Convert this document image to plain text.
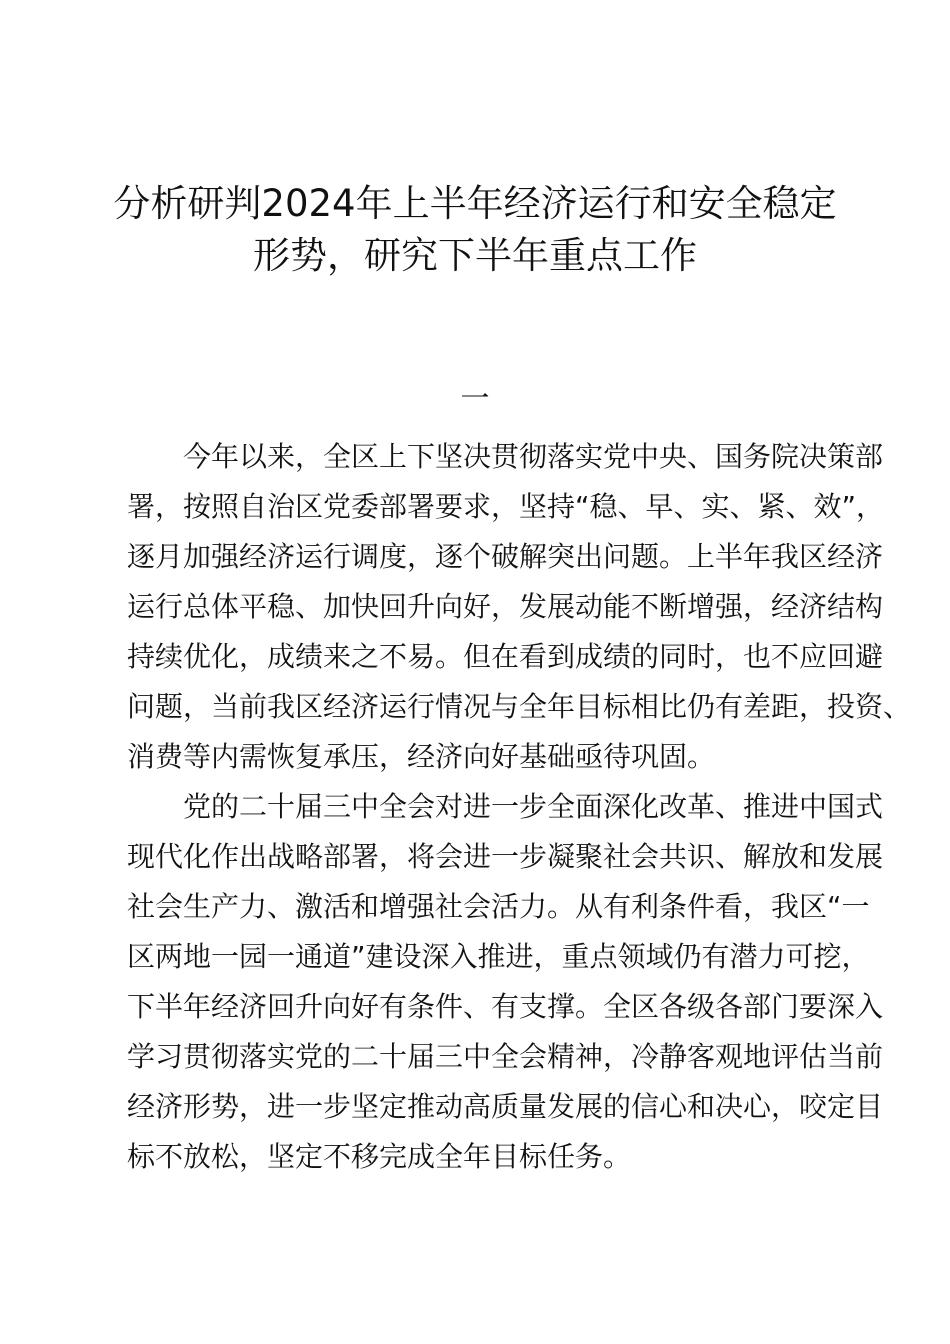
分析研判2024年上半年经济运行和安全稳定
形势，研究下半年重点工作
一
今年以来，全区上下坚决贯彻落实党中央、国务院决策部
署，按照自治区党委部署要求，坚持“稳、早、实、紧、效”，
逐月加强经济运行调度，逐个破解突出问题。上半年我区经济
运行总体平稳、加快回升向好，发展动能不断增强，经济结构
持续优化，成绩来之不易。但在看到成绩的同时，也不应回避
问题，当前我区经济运行情况与全年目标相比仍有差距，投资、
消费等内需恢复承压，经济向好基础亟待巩固。
党的二十届三中全会对进一步全面深化改革、推进中国式
现代化作出战略部署，将会进一步凝聚社会共识、解放和发展
社会生产力、激活和增强社会活力。从有利条件看，我区“一
区两地一园一通道”建设深入推进，重点领域仍有潜力可挖，
下半年经济回升向好有条件、有支撑。全区各级各部门要深入
学习贯彻落实党的二十届三中全会精神，冷静客观地评估当前
经济形势，进一步坚定推动高质量发展的信心和决心，咬定目
标不放松，坚定不移完成全年目标任务。
